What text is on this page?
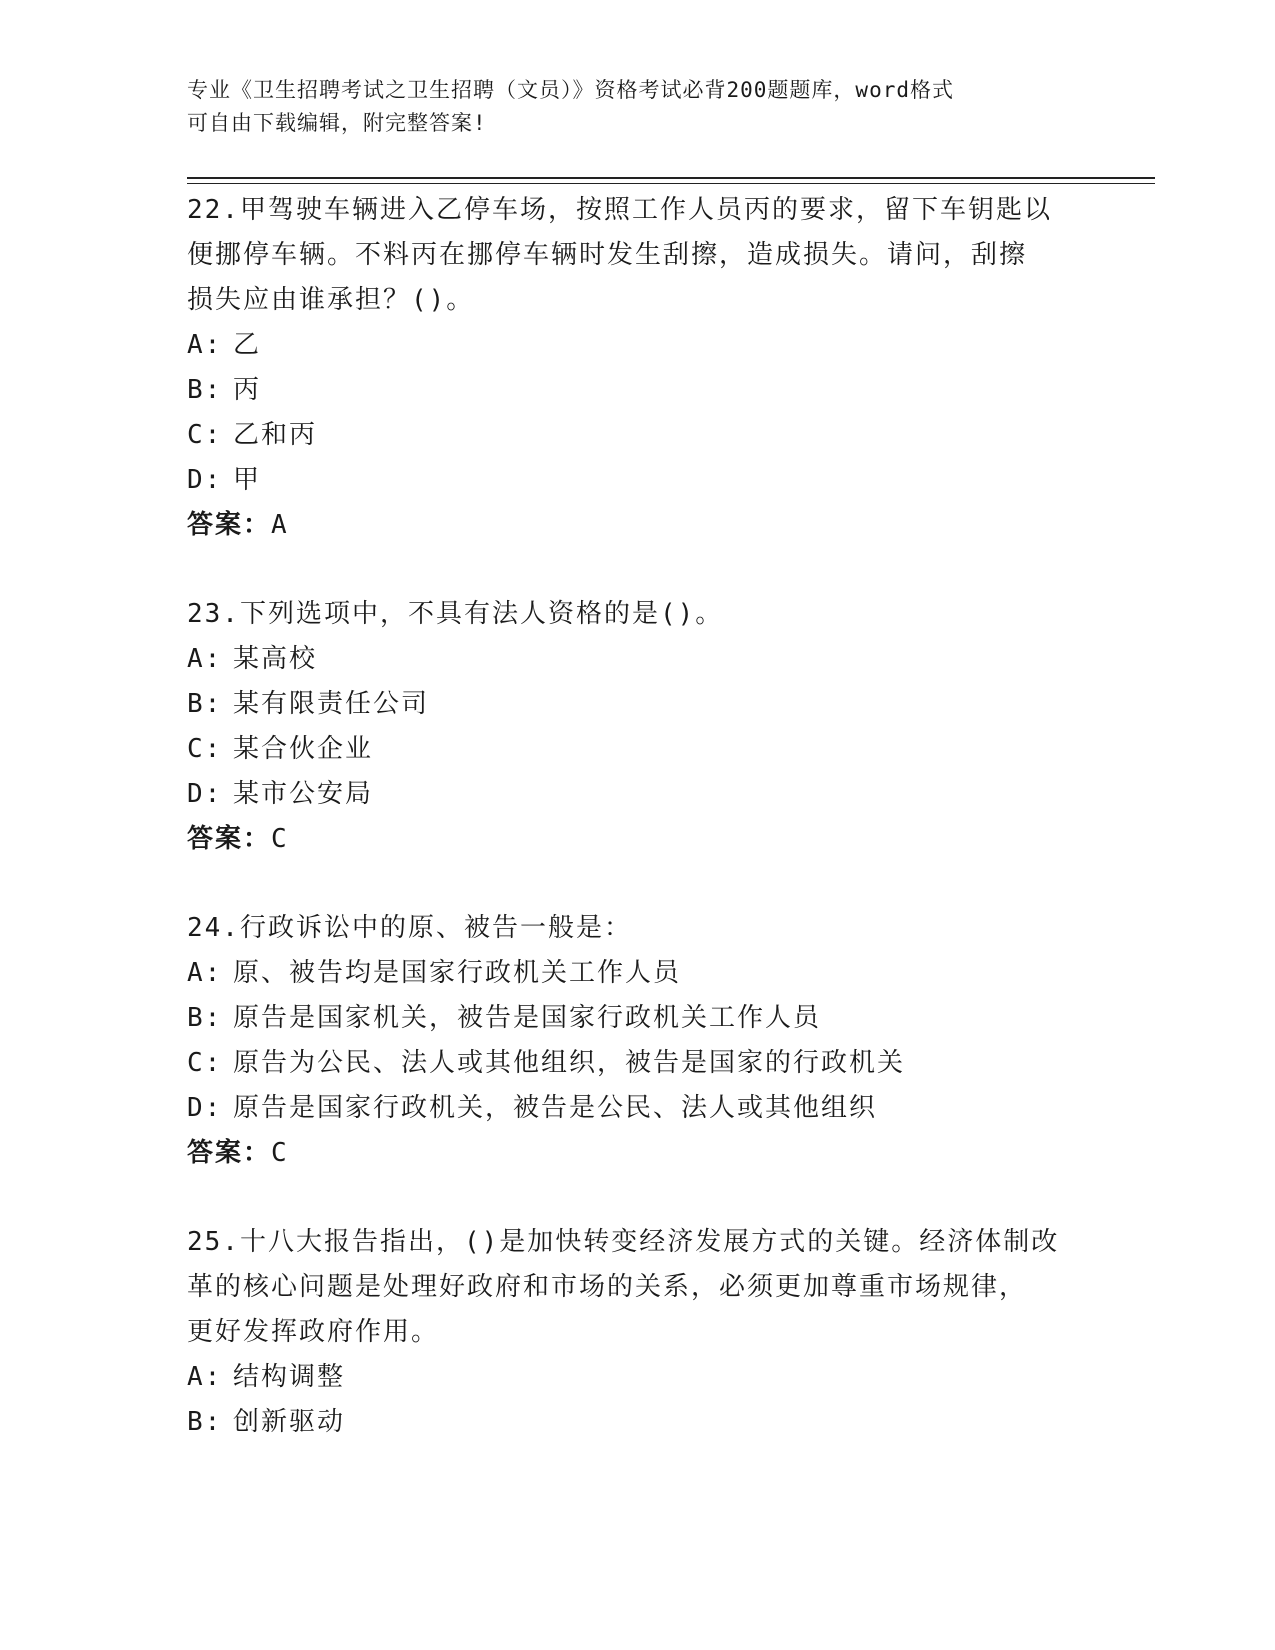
专业《卫生招聘考试之卫生招聘（文员）》资格考试必背200题题库，word格式
可自由下载编辑，附完整答案!
22.甲驾驶车辆进入乙停车场，按照工作人员丙的要求，留下车钥匙以
便挪停车辆。不料丙在挪停车辆时发生刮擦，造成损失。请问，刮擦
损失应由谁承担？()。
A: 乙
B: 丙
C: 乙和丙
D: 甲
答案：A
23.下列选项中，不具有法人资格的是()。
A: 某高校
B: 某有限责任公司
C: 某合伙企业
D: 某市公安局
答案：C
24.行政诉讼中的原、被告一般是：
A: 原、被告均是国家行政机关工作人员
B: 原告是国家机关，被告是国家行政机关工作人员
C: 原告为公民、法人或其他组织，被告是国家的行政机关
D: 原告是国家行政机关，被告是公民、法人或其他组织
答案：C
25.十八大报告指出，()是加快转变经济发展方式的关键。经济体制改
革的核心问题是处理好政府和市场的关系，必须更加尊重市场规律，
更好发挥政府作用。
A: 结构调整
B: 创新驱动
